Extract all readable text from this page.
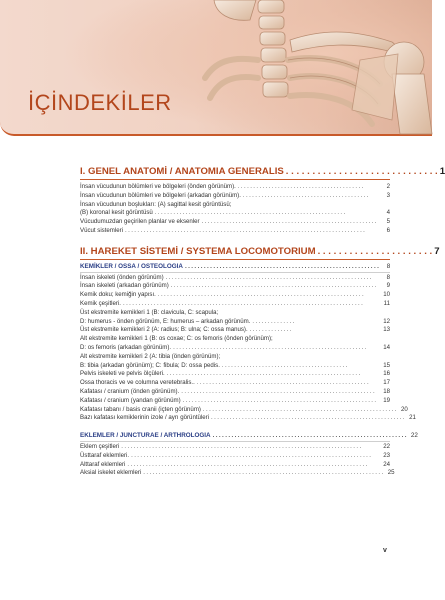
İÇİNDEKİLER
I. GENEL ANATOMİ / ANATOMIA GENERALIS . . . . . . . . . . . . . . . . . . . . . . . . . . . . . 1
İnsan vücudunun bölümleri ve bölgeleri (önden görünüm). .........................................	2
İnsan vücudunun bölümleri ve bölgeleri (arkadan görünüm). .........................................	3
İnsan vücudunun boşlukları: (A) sagittal kesit görüntüsü;
(B) koronal kesit görüntüsü ..............................................................	4
Vücudumuzdan geçirilen planlar ve eksenler .........................................................	5
Vücut sistemleri ..............................................................................	6
II. HAREKET SİSTEMİ / SYSTEMA LOCOMOTORIUM . . . . . . . . . . . . . . . . . . . . . . 7
KEMİKLER / OSSA / OSTEOLOGIA ..............................................................	8
İnsan iskeleti (önden görünüm) ...................................................................	8
İnsan iskeleti (arkadan görünüm) ...................................................................	9
Kemik doku; kemiğin yapısı. ...................................................................	10
Kemik çeşitleri. ..............................................................................	11
Üst ekstremite kemikleri 1 (B: clavicula, C: scapula;
D: humerus - önden görünüm, E: humerus – arkadan görünüm. ..............	12
Üst ekstremite kemikleri 2 (A: radius; B: ulna; C: ossa manus). ..............	13
Alt ekstremite kemikleri 1 (B: os coxae; C: os femoris (önden görünüm);
D: os femoris (arkadan görünüm). ...............................................................	14
Alt ekstremite kemikleri 2 (A: tibia (önden görünüm);
B: tibia (arkadan görünüm); C: fibula; D: ossa pedis. .........................................	15
Pelvis iskeleti ve pelvis ölçüleri. ...............................................................	16
Ossa thoracis ve ve columna veretebralis.. ........................................................	17
Kafatası / cranium (önden görünüm). ...............................................................	18
Kafatası / cranium (yandan görünüm) ............................................................... 19
Kafatası tabanı / basis cranii (içten görünüm) ............................................................... 20
Bazı kafatası kemiklerinin izole / ayrı görüntüleri ............................................................... 21
EKLEMLER / JUNCTURAE / ARTHROLOGIA .............................................................. 22
Eklem çeşitleri ..............................................................................	22
Üsttaraf eklemleri. ..............................................................................	23
Alttaraf eklemleri ..............................................................................	24
Aksial iskelet eklemleri .............................................................................. 25
v
